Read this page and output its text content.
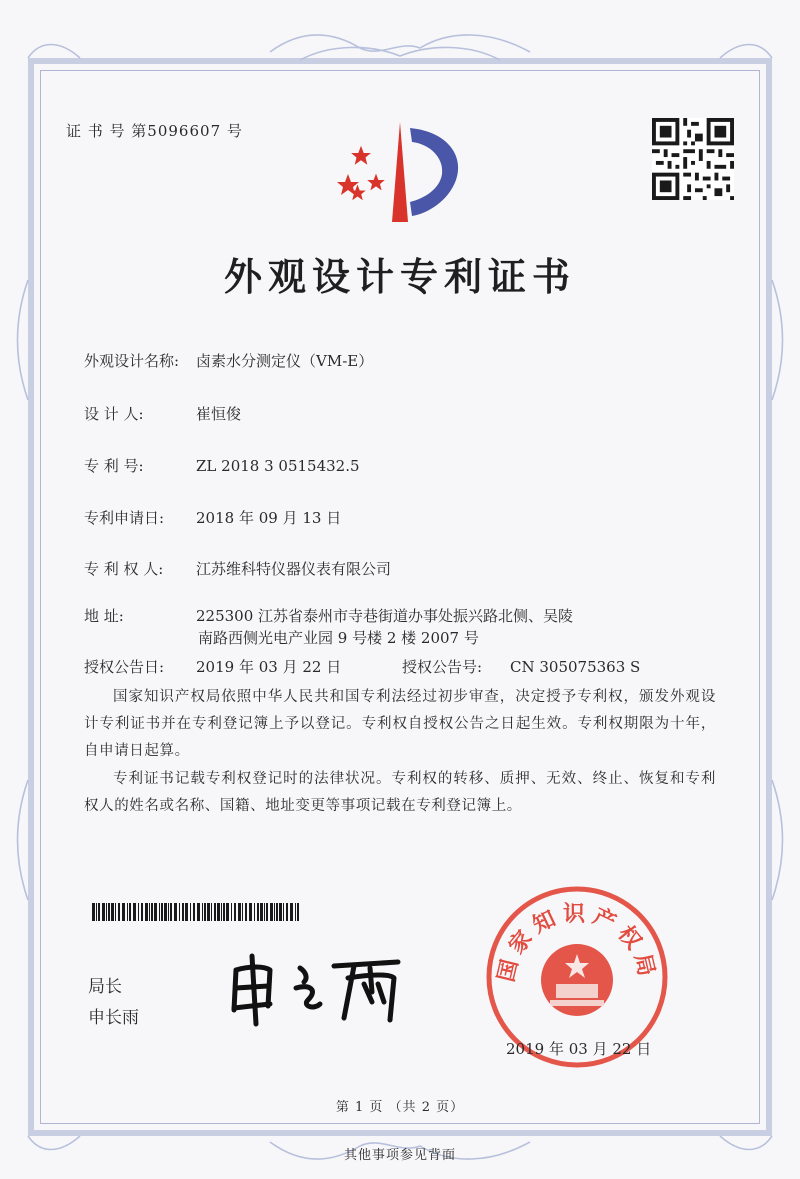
证 书 号 第5096607 号
外观设计专利证书
外观设计名称: 卤素水分测定仪（VM-E）
设 计 人:	崔恒俊
专 利 号:	ZL 2018 3 0515432.5
专利申请日: 2018 年 09 月 13 日
专 利 权 人: 江苏维科特仪器仪表有限公司
地 址:	225300 江苏省泰州市寺巷街道办事处振兴路北侧、吴陵
南路西侧光电产业园 9 号楼 2 楼 2007 号
授权公告日: 2019 年 03 月 22 日	授权公告号: CN 305075363 S
国家知识产权局依照中华人民共和国专利法经过初步审查，决定授予专利权，颁发外观设计专利证书并在专利登记簿上予以登记。专利权自授权公告之日起生效。专利权期限为十年，自申请日起算。
专利证书记载专利权登记时的法律状况。专利权的转移、质押、无效、终止、恢复和专利权人的姓名或名称、国籍、地址变更等事项记载在专利登记簿上。
局长
申长雨
国家知识产权局
2019 年 03 月 22 日
第 1 页 （共 2 页）
其他事项参见背面
